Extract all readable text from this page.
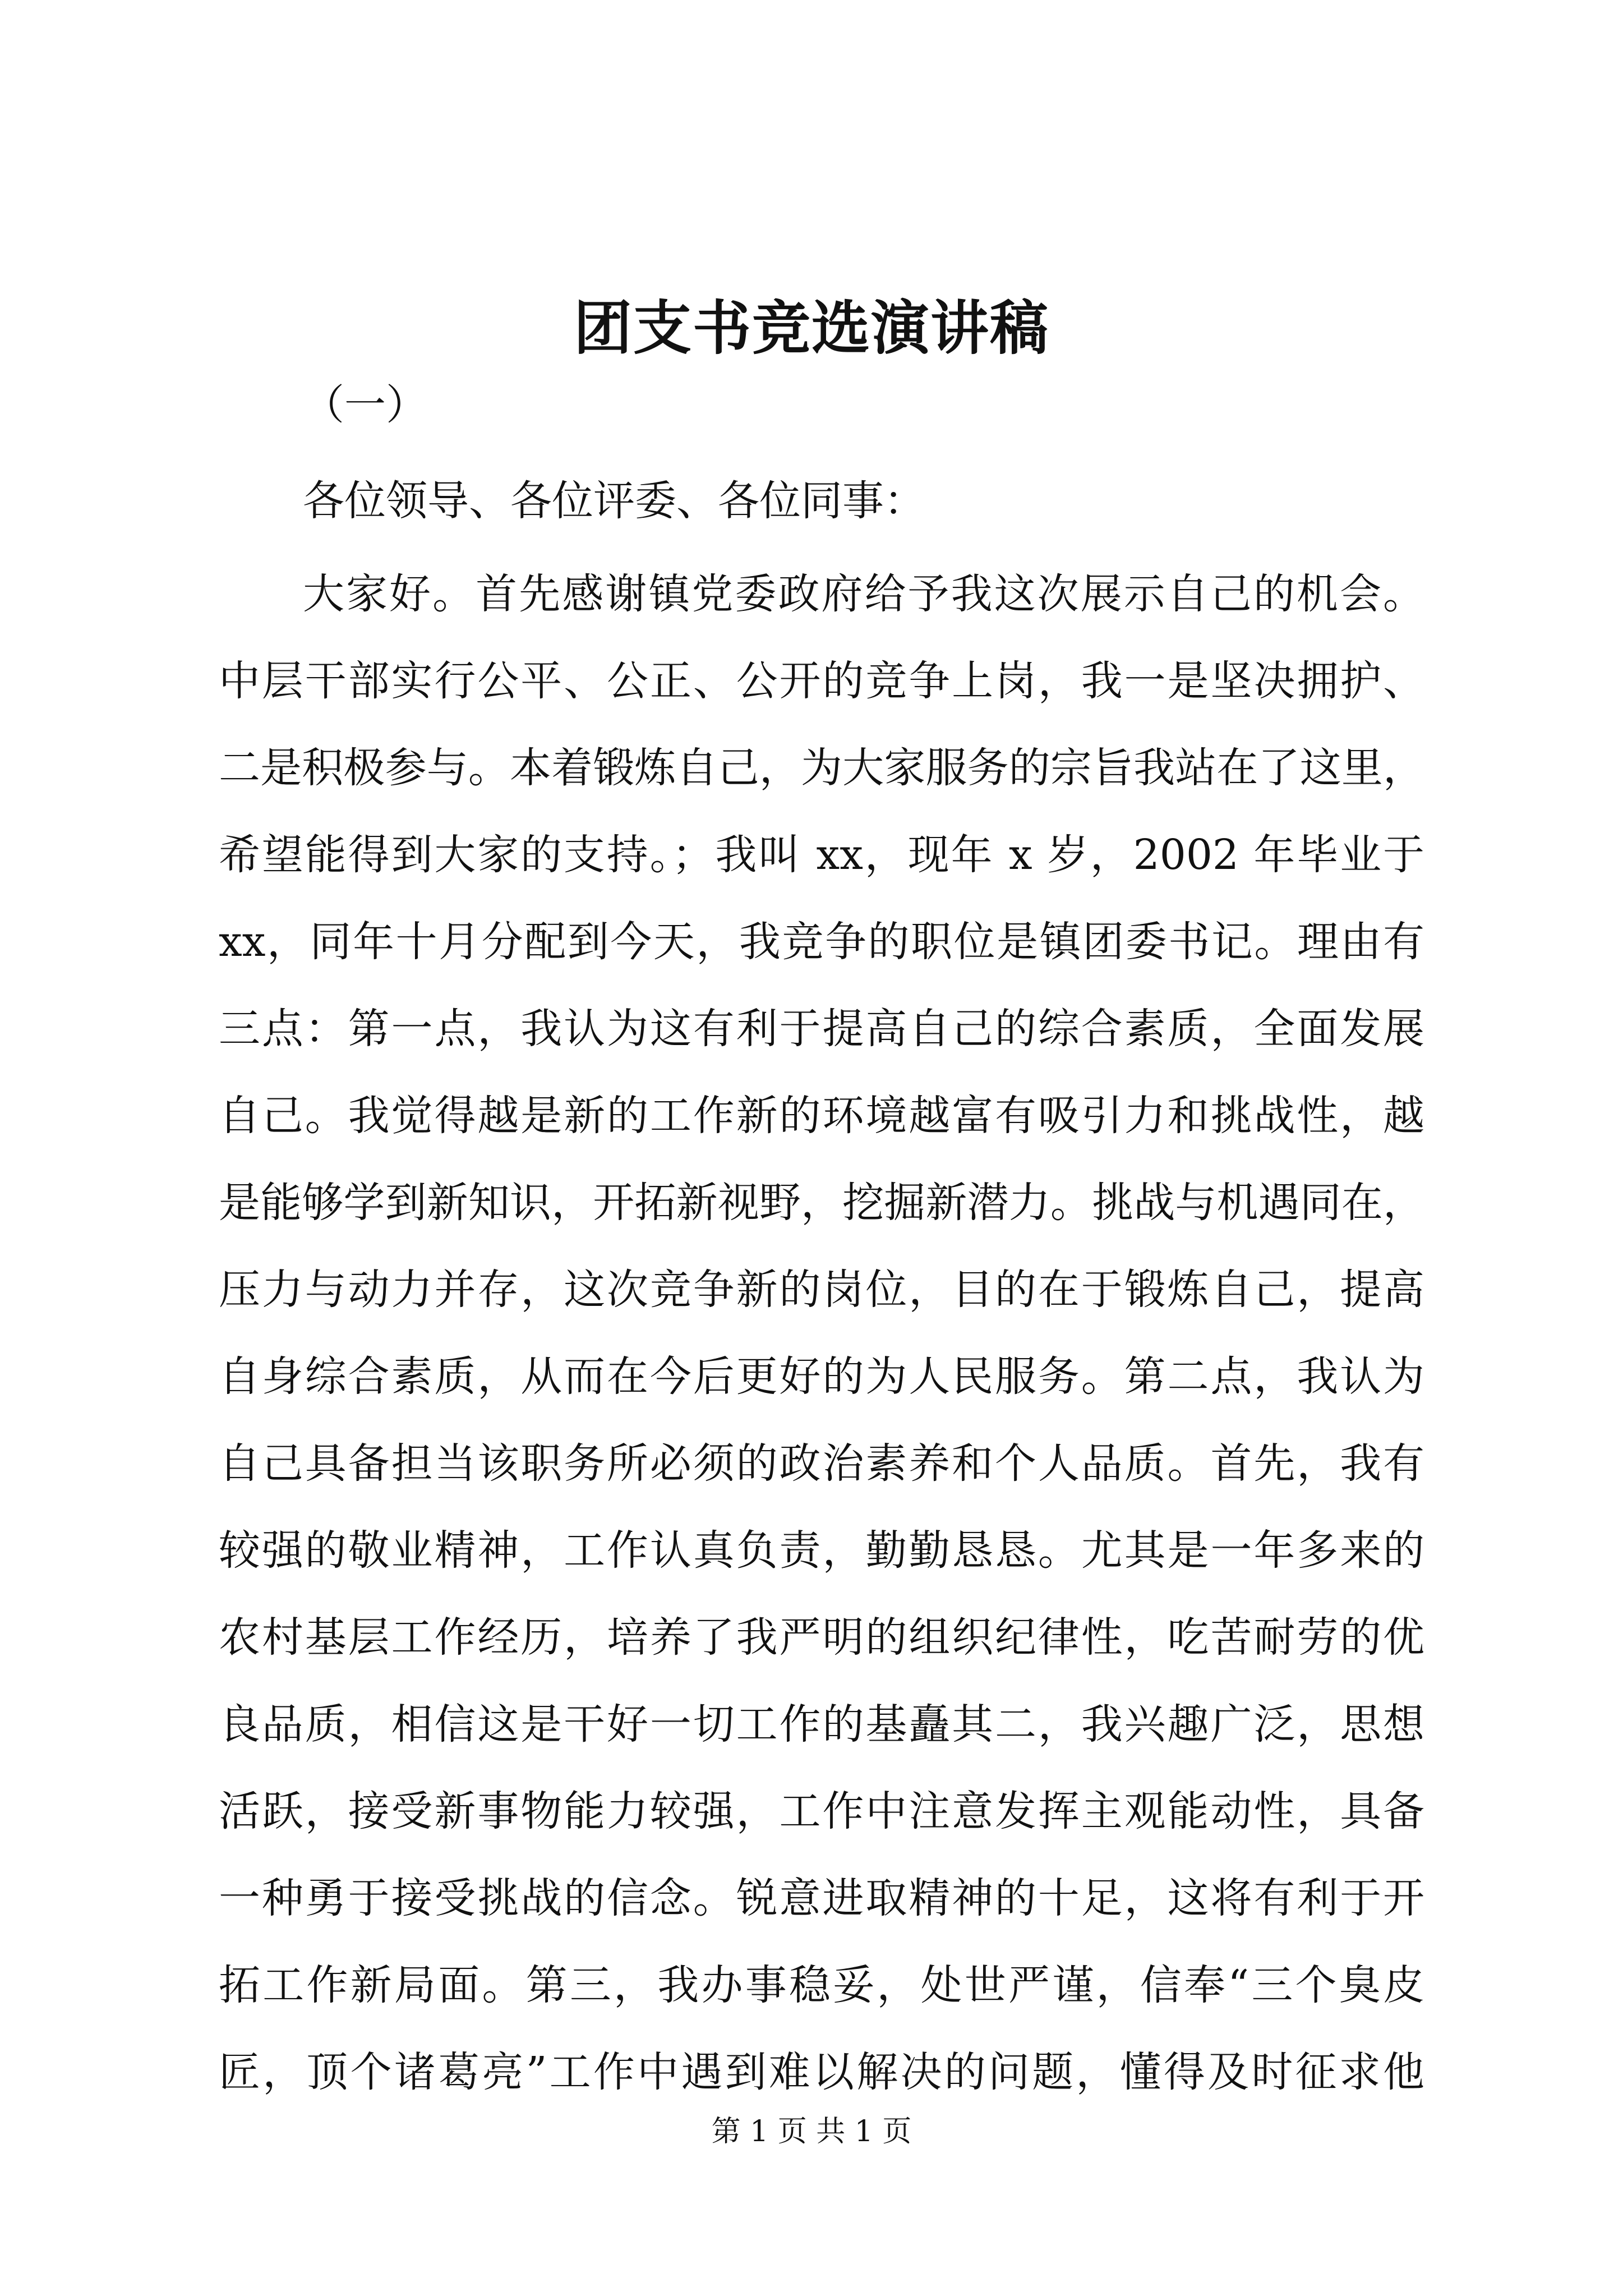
团支书竞选演讲稿
（一）
各位领导、各位评委、各位同事：
大家好。首先感谢镇党委政府给予我这次展示自己的机会。
中层干部实行公平、公正、公开的竞争上岗，我一是坚决拥护、
二是积极参与。本着锻炼自己，为大家服务的宗旨我站在了这里，
希望能得到大家的支持。；我叫 xx，现年 x 岁，2002 年毕业于
xx，同年十月分配到今天，我竞争的职位是镇团委书记。理由有
三点：第一点，我认为这有利于提高自己的综合素质，全面发展
自己。我觉得越是新的工作新的环境越富有吸引力和挑战性，越
是能够学到新知识，开拓新视野，挖掘新潜力。挑战与机遇同在，
压力与动力并存，这次竞争新的岗位，目的在于锻炼自己，提高
自身综合素质，从而在今后更好的为人民服务。第二点，我认为
自己具备担当该职务所必须的政治素养和个人品质。首先，我有
较强的敬业精神，工作认真负责，勤勤恳恳。尤其是一年多来的
农村基层工作经历，培养了我严明的组织纪律性，吃苦耐劳的优
良品质，相信这是干好一切工作的基矗其二，我兴趣广泛，思想
活跃，接受新事物能力较强，工作中注意发挥主观能动性，具备
一种勇于接受挑战的信念。锐意进取精神的十足，这将有利于开
拓工作新局面。第三，我办事稳妥，处世严谨，信奉“三个臭皮
匠，顶个诸葛亮”工作中遇到难以解决的问题，懂得及时征求他
第 1 页 共 1 页
